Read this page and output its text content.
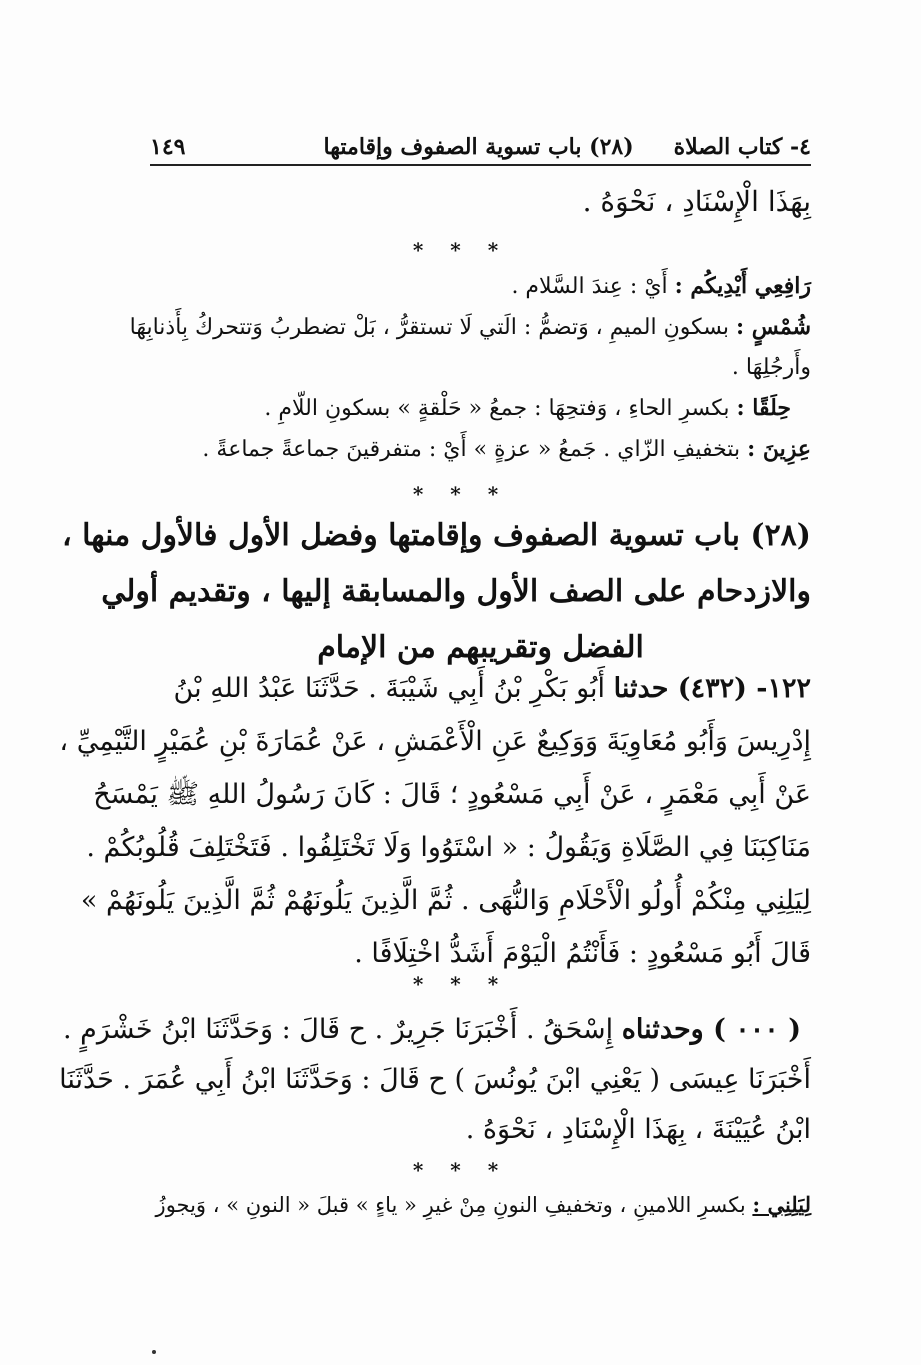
٤- كتاب الصلاة
(٢٨) باب تسوية الصفوف وإقامتها
١٤٩
بِهَذَا الْإِسْنَادِ ، نَحْوَهُ .
* * *
رَافِعِي أَيْدِيكُم : أَيْ : عِندَ السَّلام .
شُمْسٍ : بسكونِ الميمِ ، وَتضمُّ : الَتي لَا تستقرُّ ، بَلْ تضطربُ وَتتحركُ بِأَذنابِهَا
وأَرجُلِهَا .
حِلَقًا : بكسرِ الحاءِ ، وَفتحِهَا : جمعُ « حَلْقةٍ » بسكونِ اللّامِ .
عِزِينَ : بتخفيفِ الزّاي . جَمعُ « عزةٍ » أَيْ : متفرقينَ جماعةً جماعةً .
* * *
(٢٨) باب تسوية الصفوف وإقامتها وفضل الأول فالأول منها ،
والازدحام على الصف الأول والمسابقة إليها ، وتقديم أولي
الفضل وتقريبهم من الإمام
١٢٢- (٤٣٢) حدثنا أَبُو بَكْرِ بْنُ أَبِي شَيْبَةَ . حَدَّثَنَا عَبْدُ اللهِ بْنُ
إِدْرِيسَ وَأَبُو مُعَاوِيَةَ وَوَكِيعٌ عَنِ الْأَعْمَشِ ، عَنْ عُمَارَةَ بْنِ عُمَيْرٍ التَّيْمِيِّ ،
عَنْ أَبِي مَعْمَرٍ ، عَنْ أَبِي مَسْعُودٍ ؛ قَالَ : كَانَ رَسُولُ اللهِ ﷺ يَمْسَحُ
مَنَاكِبَنَا فِي الصَّلَاةِ وَيَقُولُ : « اسْتَوُوا وَلَا تَخْتَلِفُوا . فَتَخْتَلِفَ قُلُوبُكُمْ .
لِيَلِنِي مِنْكُمْ أُولُو الْأَحْلَامِ وَالنُّهَى . ثُمَّ الَّذِينَ يَلُونَهُمْ ثُمَّ الَّذِينَ يَلُونَهُمْ »
قَالَ أَبُو مَسْعُودٍ : فَأَنْتُمُ الْيَوْمَ أَشَدُّ اخْتِلَافًا .
* * *
( ٠٠٠ ) وحدثناه إِسْحَقُ . أَخْبَرَنَا جَرِيرٌ . ح قَالَ : وَحَدَّثَنَا ابْنُ خَشْرَمٍ .
أَخْبَرَنَا عِيسَى ( يَعْنِي ابْنَ يُونُسَ ) ح قَالَ : وَحَدَّثَنَا ابْنُ أَبِي عُمَرَ . حَدَّثَنَا
ابْنُ عُيَيْنَةَ ، بِهَذَا الْإِسْنَادِ ، نَحْوَهُ .
* * *
لِيَلِنِي : بكسرِ اللامينِ ، وتخفيفِ النونِ مِنْ غيرِ « ياءٍ » قبلَ « النونِ » ، وَيجوزُ
